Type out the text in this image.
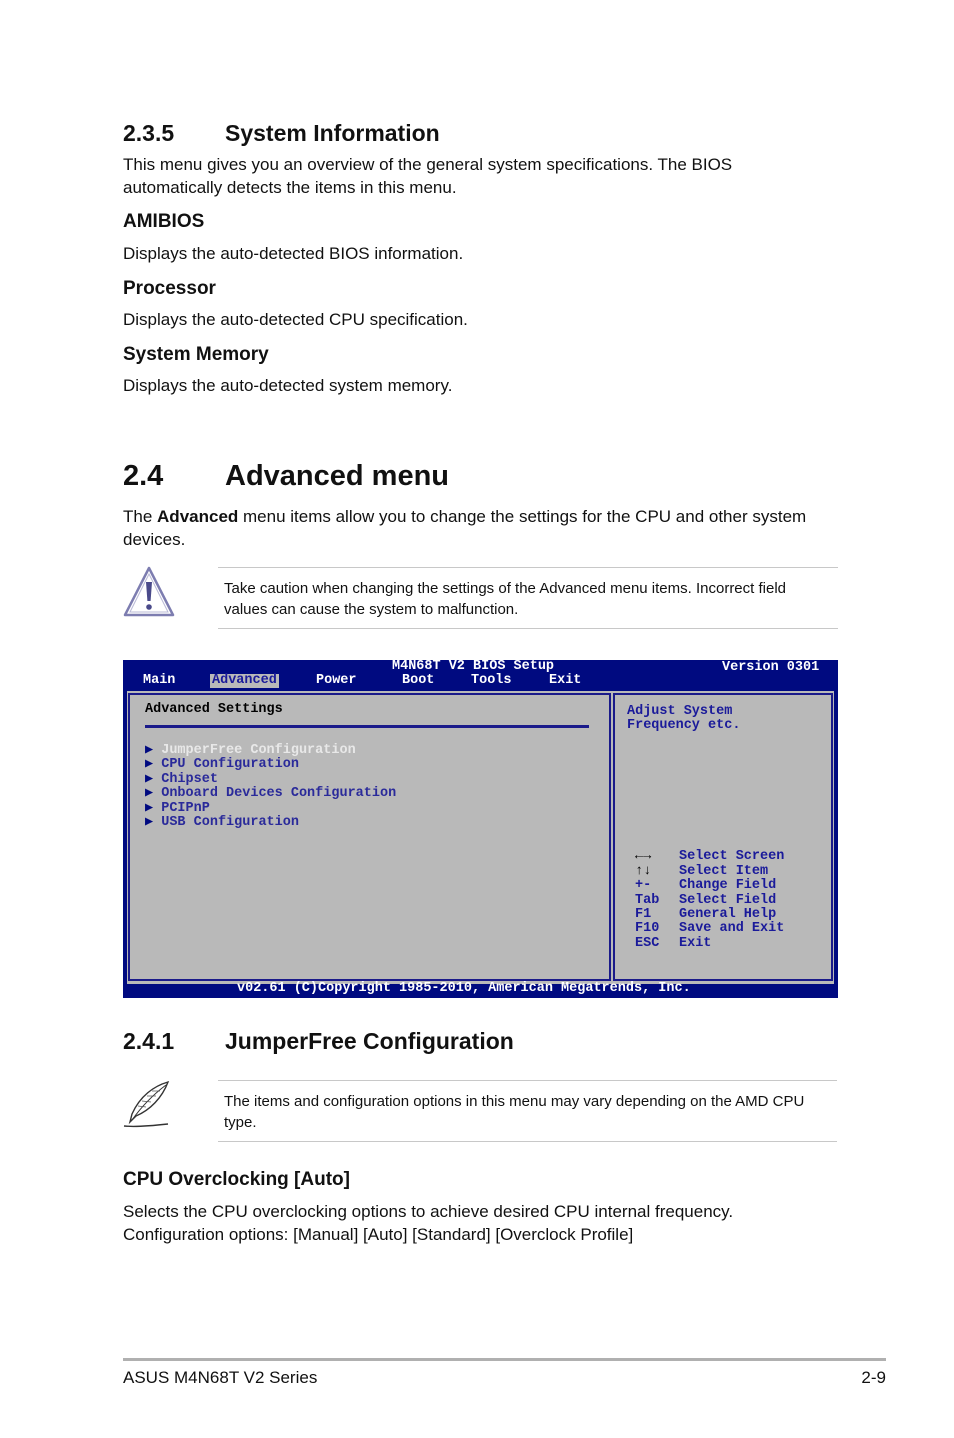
2.3.5 System Information
This menu gives you an overview of the general system specifications. The BIOS
automatically detects the items in this menu.
AMIBIOS
Displays the auto-detected BIOS information.
Processor
Displays the auto-detected CPU specification.
System Memory
Displays the auto-detected system memory.
2.4 Advanced menu
The Advanced menu items allow you to change the settings for the CPU and other system
devices.
Take caution when changing the settings of the Advanced menu items. Incorrect field
values can cause the system to malfunction.
M4N68T V2 BIOS Setup	Version 0301
Main	Advanced	Power	Boot	Tools	Exit
Advanced Settings
▶ JumperFree Configuration
▶ CPU Configuration
▶ Chipset
▶ Onboard Devices Configuration
▶ PCIPnP
▶ USB Configuration
Adjust System
Frequency etc.
←→ Select Screen
↑↓ Select Item
+- Change Field
Tab Select Field
F1 General Help
F10 Save and Exit
ESC Exit
v02.61 (C)Copyright 1985-2010, American Megatrends, Inc.
2.4.1 JumperFree Configuration
The items and configuration options in this menu may vary depending on the AMD CPU
type.
CPU Overclocking [Auto]
Selects the CPU overclocking options to achieve desired CPU internal frequency.
Configuration options: [Manual] [Auto] [Standard] [Overclock Profile]
ASUS M4N68T V2 Series	2-9
